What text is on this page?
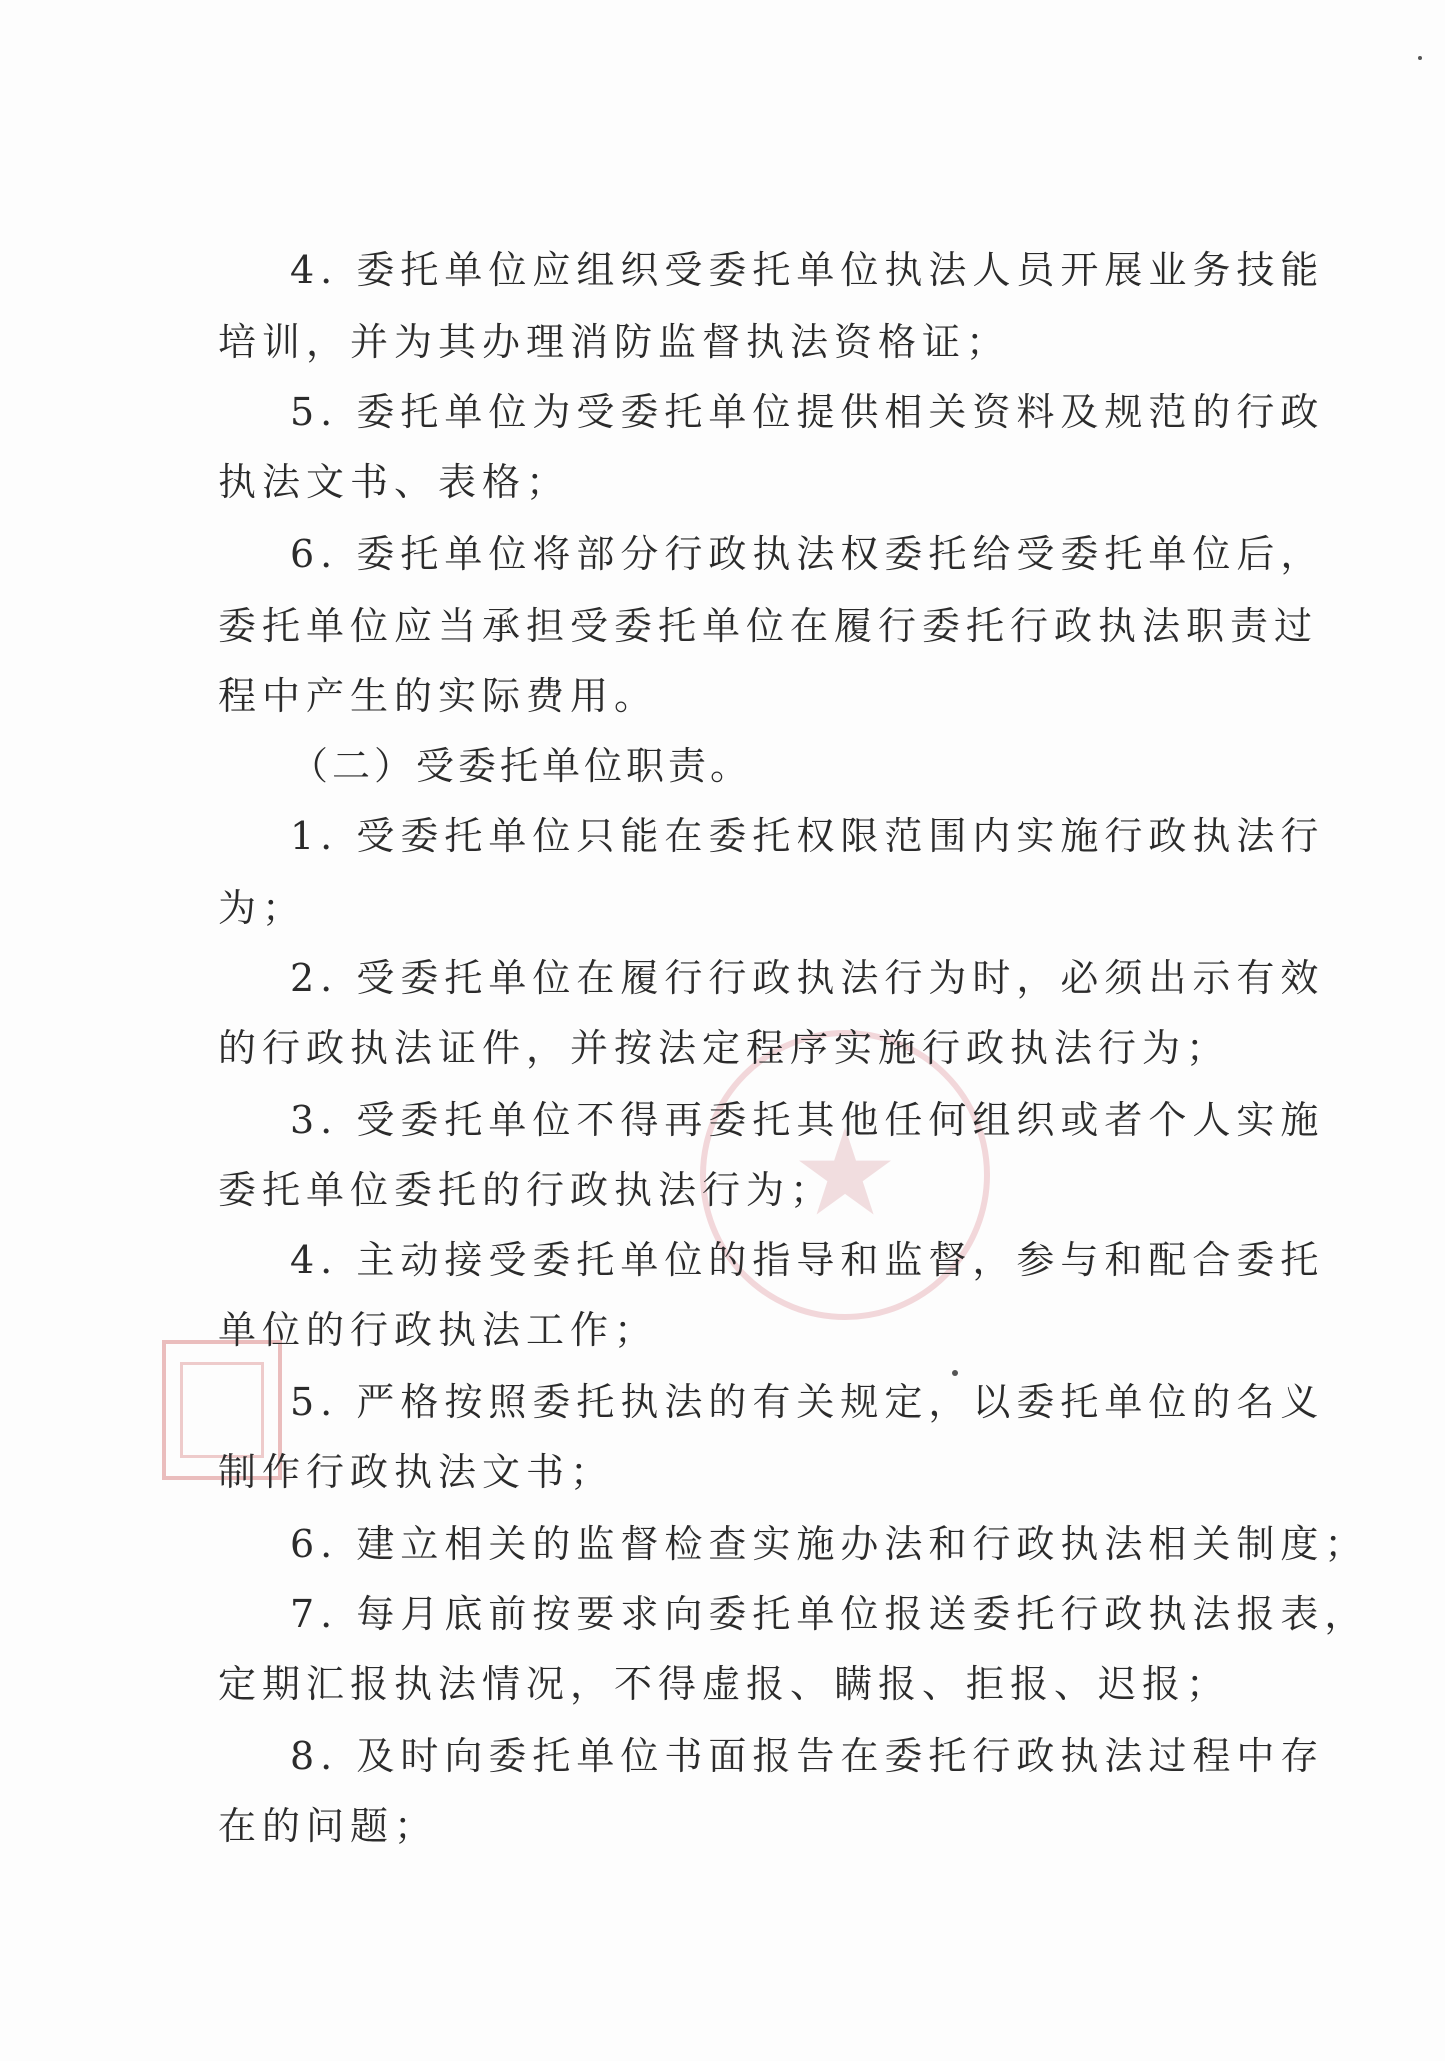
★
4. 委托单位应组织受委托单位执法人员开展业务技能
培训，并为其办理消防监督执法资格证；
5. 委托单位为受委托单位提供相关资料及规范的行政
执法文书、表格；
6. 委托单位将部分行政执法权委托给受委托单位后，
委托单位应当承担受委托单位在履行委托行政执法职责过
程中产生的实际费用。
（二）受委托单位职责。
1. 受委托单位只能在委托权限范围内实施行政执法行
为；
2. 受委托单位在履行行政执法行为时，必须出示有效
的行政执法证件，并按法定程序实施行政执法行为；
3. 受委托单位不得再委托其他任何组织或者个人实施
委托单位委托的行政执法行为；
4. 主动接受委托单位的指导和监督，参与和配合委托
单位的行政执法工作；
5. 严格按照委托执法的有关规定，以委托单位的名义
制作行政执法文书；
6. 建立相关的监督检查实施办法和行政执法相关制度；
7. 每月底前按要求向委托单位报送委托行政执法报表，
定期汇报执法情况，不得虚报、瞒报、拒报、迟报；
8. 及时向委托单位书面报告在委托行政执法过程中存
在的问题；
